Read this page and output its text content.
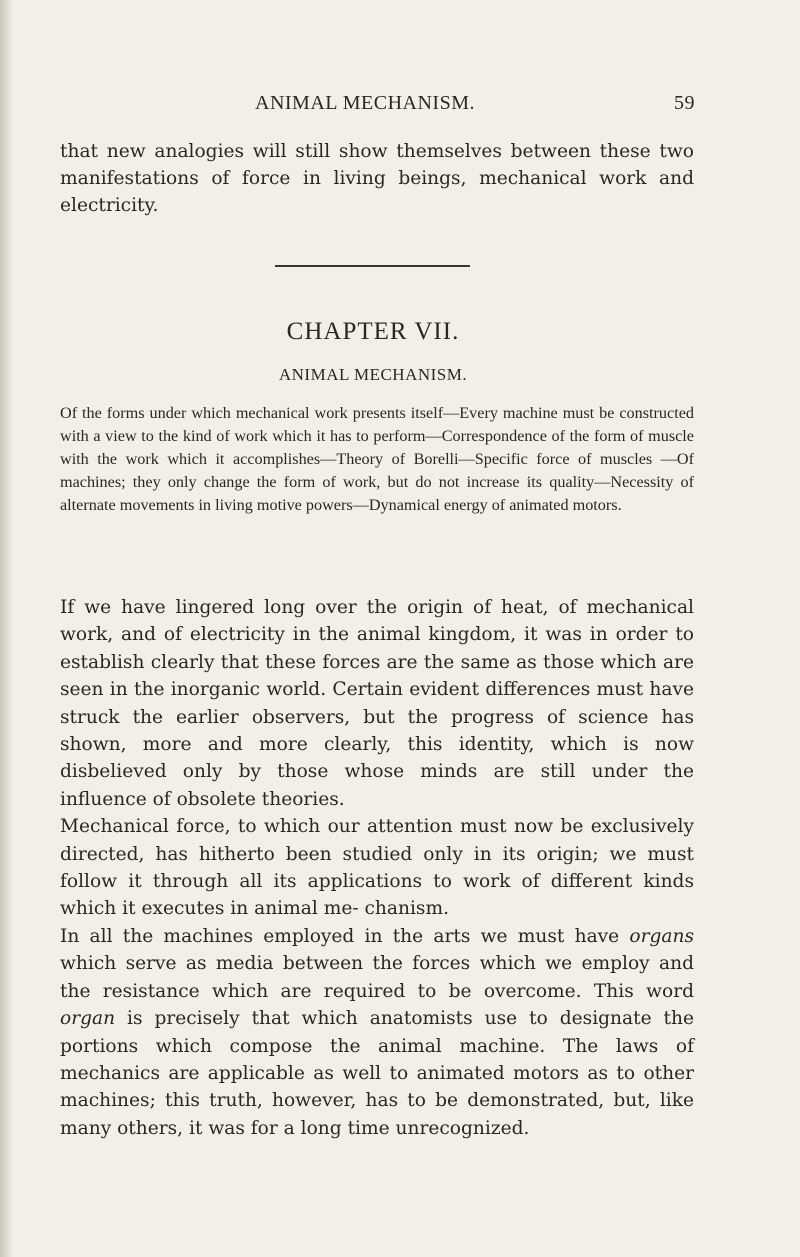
ANIMAL MECHANISM.	59

that new analogies will still show themselves between these two manifestations of force in living beings, mechanical work and electricity.

CHAPTER VII.
ANIMAL MECHANISM.

Of the forms under which mechanical work presents itself—Every machine must be constructed with a view to the kind of work which it has to perform—Correspondence of the form of muscle with the work which it accomplishes—Theory of Borelli—Specific force of muscles —Of machines; they only change the form of work, but do not increase its quality—Necessity of alternate movements in living motive powers—Dynamical energy of animated motors.

If we have lingered long over the origin of heat, of mechanical work, and of electricity in the animal kingdom, it was in order to establish clearly that these forces are the same as those which are seen in the inorganic world. Certain evident differences must have struck the earlier observers, but the progress of science has shown, more and more clearly, this identity, which is now disbelieved only by those whose minds are still under the influence of obsolete theories.

Mechanical force, to which our attention must now be exclusively directed, has hitherto been studied only in its origin; we must follow it through all its applications to work of different kinds which it executes in animal me- chanism.

In all the machines employed in the arts we must have organs which serve as media between the forces which we employ and the resistance which are required to be overcome. This word organ is precisely that which anatomists use to designate the portions which compose the animal machine. The laws of mechanics are applicable as well to animated motors as to other machines; this truth, however, has to be demonstrated, but, like many others, it was for a long time unrecognized.
